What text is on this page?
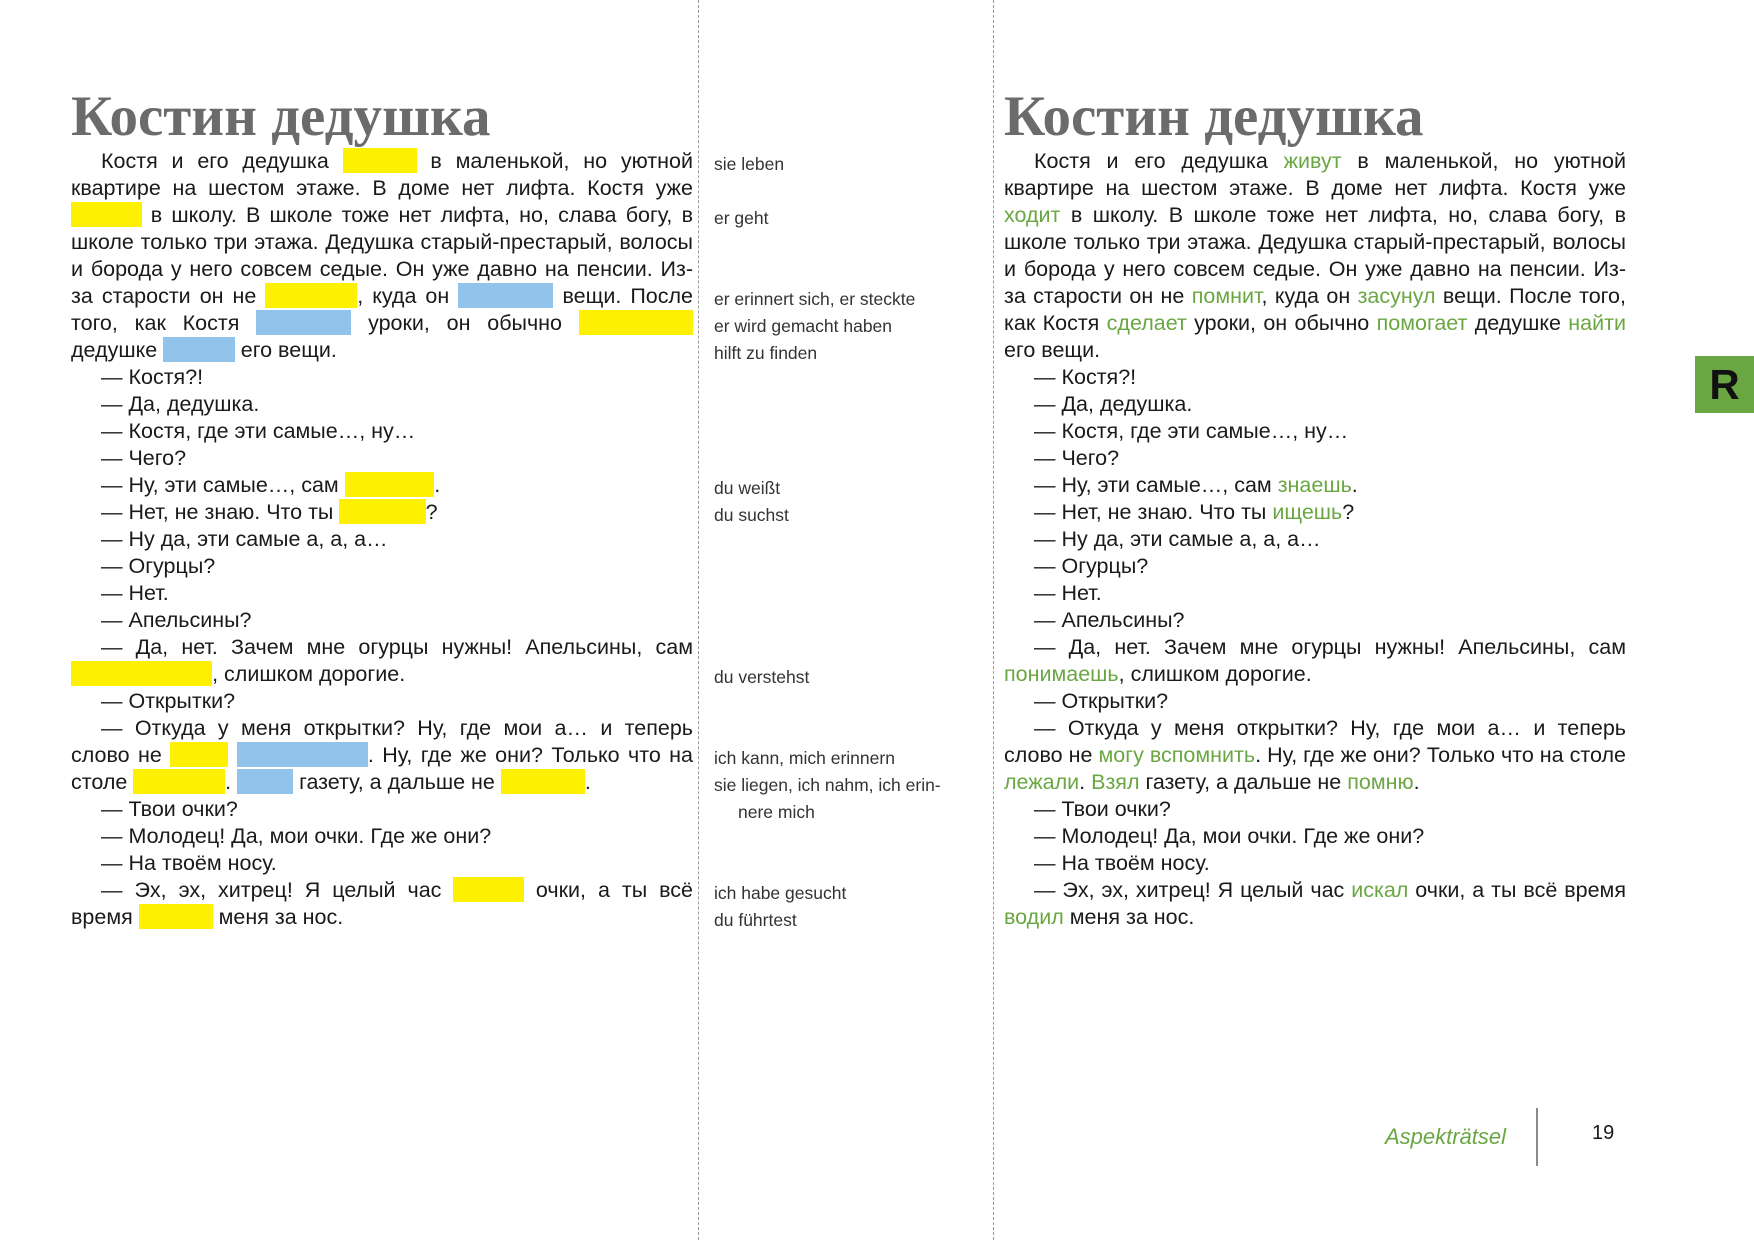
Костин дедушка

Костя и его дедушка	в маленькой, но уютной квартире на шестом этаже. В доме нет лифта. Костя уже  в школу. В школе тоже нет лифта, но, слава богу, в школе только три этажа. Дедушка старый-престарый, волосы и борода у него совсем седые. Он уже давно на пенсии. Из-за старости он не	, куда он	вещи. После того, как Костя	уроки, он обычно  дедушке	его вещи.

— Костя?!

— Да, дедушка.

— Костя, где эти самые…, ну…

— Чего?

— Ну, эти самые…, сам	.

— Нет, не знаю. Что ты	?

— Ну да, эти самые а, а, а…

— Огурцы?

— Нет.

— Апельсины?

— Да, нет. Зачем мне огурцы нужны! Апельсины, сам , слишком дорогие.

— Открытки?

— Откуда у меня открытки? Ну, где мои а… и теперь слово не	. Ну, где же они? Только что на столе	.	газету, а дальше не	.

— Твои очки?

— Молодец! Да, мои очки. Где же они?

— На твоём носу.

— Эх, эх, хитрец! Я целый час	очки, а ты всё время	меня за нос.

sie leben
er geht
er erinnert sich, er steckte
er wird gemacht haben
hilft zu finden
du weißt
du suchst
du verstehst
ich kann, mich erinnern
sie liegen, ich nahm, ich erin-
nere mich
ich habe gesucht
du führtest
Костин дедушка

Костя и его дедушка живут в маленькой, но уютной квартире на шестом этаже. В доме нет лифта. Костя уже ходит в школу. В школе тоже нет лифта, но, слава богу, в школе только три этажа. Дедушка старый-престарый, волосы и борода у него совсем седые. Он уже давно на пенсии. Из-за старости он не помнит, куда он засунул вещи. После того, как Костя сделает уроки, он обычно помогает дедушке найти его вещи.

— Костя?!

— Да, дедушка.

— Костя, где эти самые…, ну…

— Чего?

— Ну, эти самые…, сам знаешь.

— Нет, не знаю. Что ты ищешь?

— Ну да, эти самые а, а, а…

— Огурцы?

— Нет.

— Апельсины?

— Да, нет. Зачем мне огурцы нужны! Апельсины, сам понимаешь, слишком дорогие.

— Открытки?

— Откуда у меня открытки? Ну, где мои а… и теперь слово не могу вспомнить. Ну, где же они? Только что на столе лежали. Взял газету, а дальше не помню.

— Твои очки?

— Молодец! Да, мои очки. Где же они?

— На твоём носу.

— Эх, эх, хитрец! Я целый час искал очки, а ты всё время водил меня за нос.

R
Aspekträtsel	19
